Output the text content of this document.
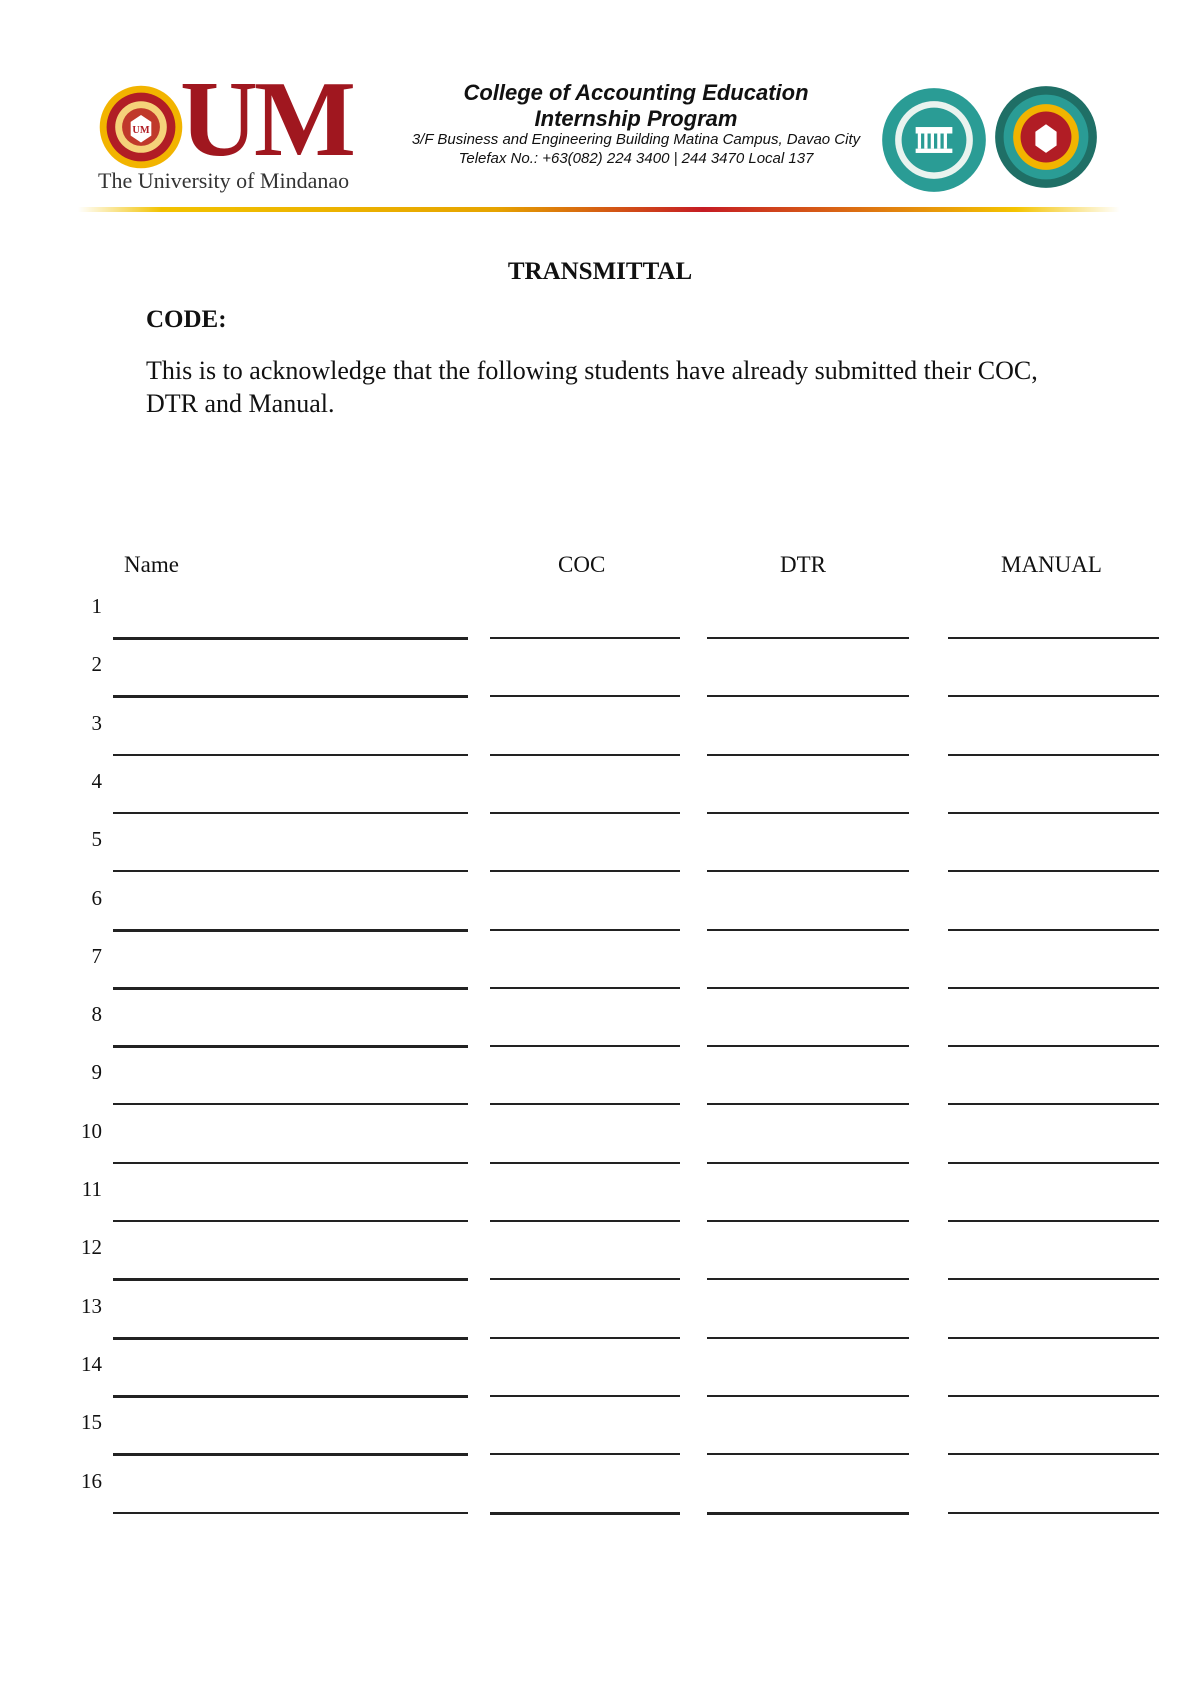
UM UM
The University of Mindanao
College of Accounting Education
Internship Program
3/F Business and Engineering Building Matina Campus, Davao City
Telefax No.: +63(082) 224 3400 | 244 3470 Local 137
TRANSMITTAL
CODE:
This is to acknowledge that the following students have already submitted their COC, DTR and Manual.
Name	COC	DTR	MANUAL
1
2
3
4
5
6
7
8
9
10
11
12
13
14
15
16
